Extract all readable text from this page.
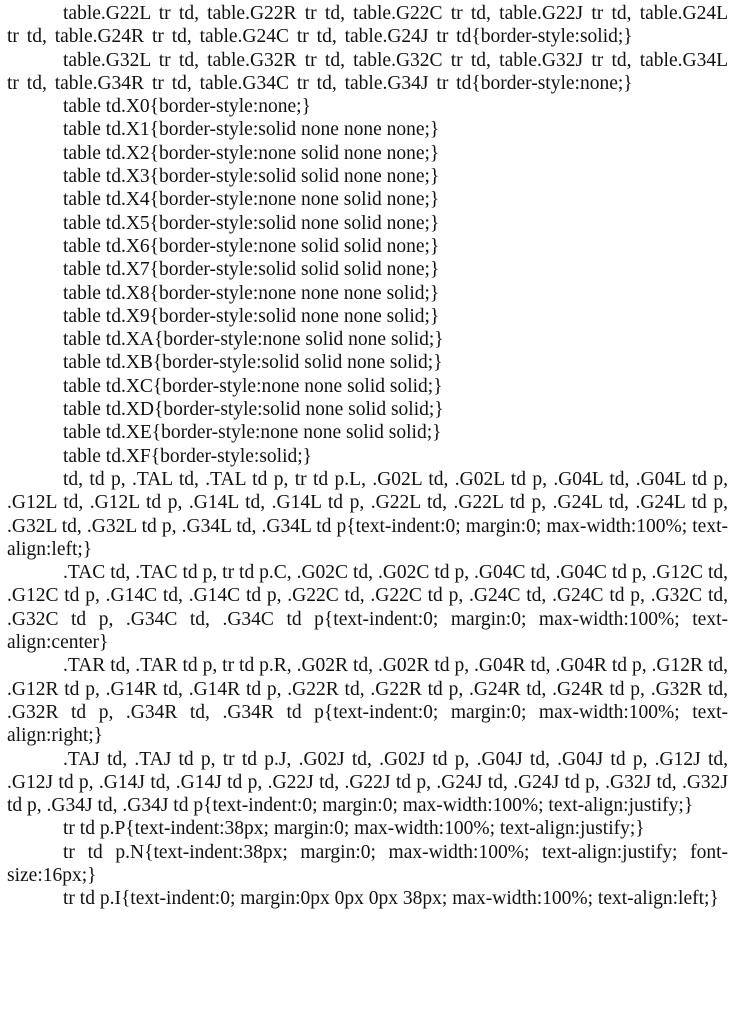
table.G22L tr td, table.G22R tr td, table.G22C tr td, table.G22J tr td, table.G24L tr td, table.G24R tr td, table.G24C tr td, table.G24J tr td{border-style:solid;}

table.G32L tr td, table.G32R tr td, table.G32C tr td, table.G32J tr td, table.G34L tr td, table.G34R tr td, table.G34C tr td, table.G34J tr td{border-style:none;}

table td.X0{border-style:none;}

table td.X1{border-style:solid none none none;}

table td.X2{border-style:none solid none none;}

table td.X3{border-style:solid solid none none;}

table td.X4{border-style:none none solid none;}

table td.X5{border-style:solid none solid none;}

table td.X6{border-style:none solid solid none;}

table td.X7{border-style:solid solid solid none;}

table td.X8{border-style:none none none solid;}

table td.X9{border-style:solid none none solid;}

table td.XA{border-style:none solid none solid;}

table td.XB{border-style:solid solid none solid;}

table td.XC{border-style:none none solid solid;}

table td.XD{border-style:solid none solid solid;}

table td.XE{border-style:none none solid solid;}

table td.XF{border-style:solid;}

td, td p, .TAL td, .TAL td p, tr td p.L, .G02L td, .G02L td p, .G04L td, .G04L td p, .G12L td, .G12L td p, .G14L td, .G14L td p, .G22L td, .G22L td p, .G24L td, .G24L td p, .G32L td, .G32L td p, .G34L td, .G34L td p{text-indent:0; margin:0; max-width:100%; text-align:left;}

.TAC td, .TAC td p, tr td p.C, .G02C td, .G02C td p, .G04C td, .G04C td p, .G12C td, .G12C td p, .G14C td, .G14C td p, .G22C td, .G22C td p, .G24C td, .G24C td p, .G32C td, .G32C td p, .G34C td, .G34C td p{text-indent:0; margin:0; max-width:100%; text-align:center}

.TAR td, .TAR td p, tr td p.R, .G02R td, .G02R td p, .G04R td, .G04R td p, .G12R td, .G12R td p, .G14R td, .G14R td p, .G22R td, .G22R td p, .G24R td, .G24R td p, .G32R td, .G32R td p, .G34R td, .G34R td p{text-indent:0; margin:0; max-width:100%; text-align:right;}

.TAJ td, .TAJ td p, tr td p.J, .G02J td, .G02J td p, .G04J td, .G04J td p, .G12J td, .G12J td p, .G14J td, .G14J td p, .G22J td, .G22J td p, .G24J td, .G24J td p, .G32J td, .G32J td p, .G34J td, .G34J td p{text-indent:0; margin:0; max-width:100%; text-align:justify;}

tr td p.P{text-indent:38px; margin:0; max-width:100%; text-align:justify;}

tr td p.N{text-indent:38px; margin:0; max-width:100%; text-align:justify; font-size:16px;}

tr td p.I{text-indent:0; margin:0px 0px 0px 38px; max-width:100%; text-align:left;}
